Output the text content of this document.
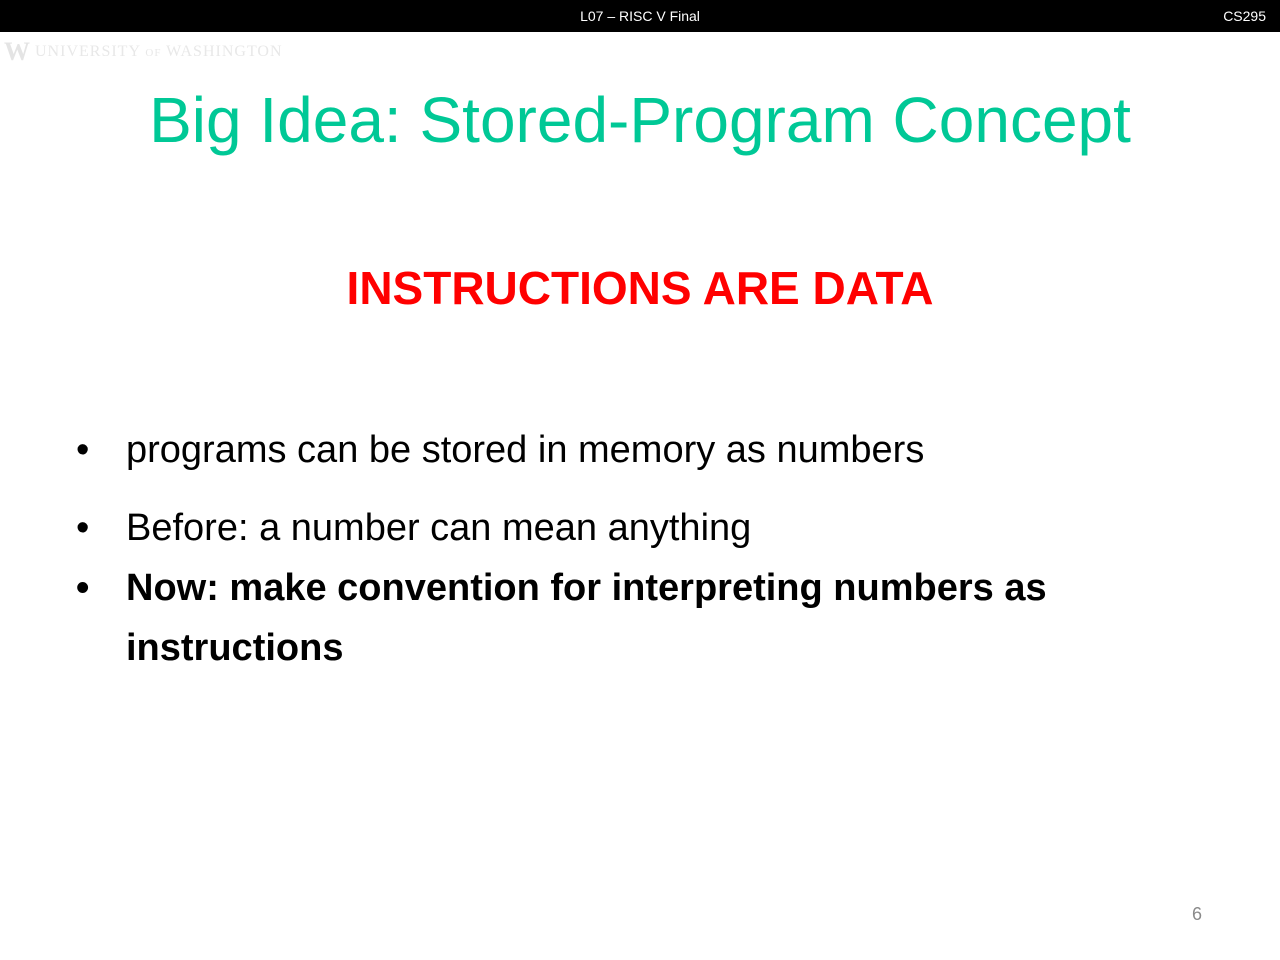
L07 – RISC V Final	CS295
W UNIVERSITY of WASHINGTON
Big Idea: Stored-Program Concept
INSTRUCTIONS ARE DATA
• programs can be stored in memory as numbers
• Before: a number can mean anything
• Now: make convention for interpreting numbers as instructions
6
